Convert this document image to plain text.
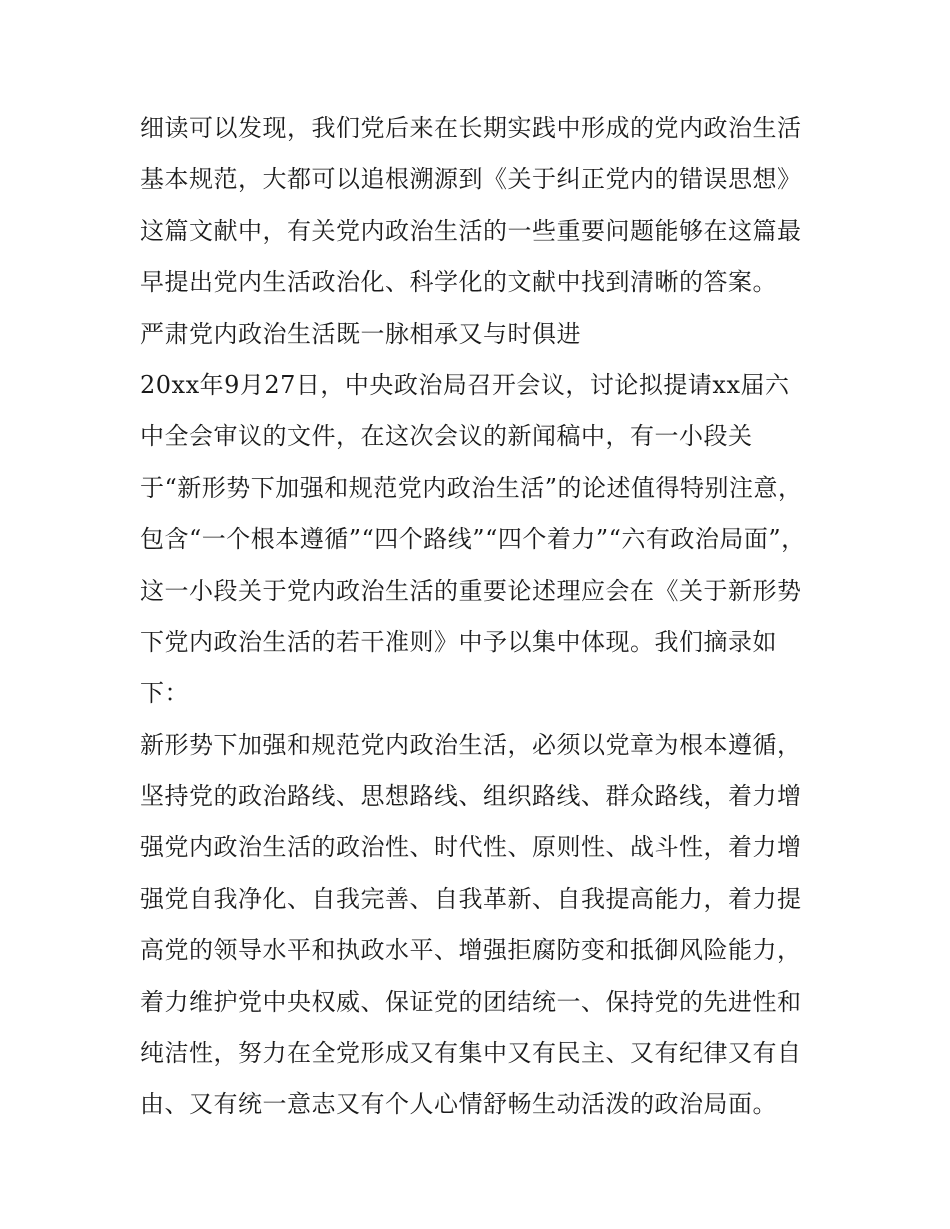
细读可以发现，我们党后来在长期实践中形成的党内政治生活
基本规范，大都可以追根溯源到《关于纠正党内的错误思想》
这篇文献中，有关党内政治生活的一些重要问题能够在这篇最
早提出党内生活政治化、科学化的文献中找到清晰的答案。
严肃党内政治生活既一脉相承又与时俱进
20xx年9月27日，中央政治局召开会议，讨论拟提请xx届六
中全会审议的文件，在这次会议的新闻稿中，有一小段关
于“新形势下加强和规范党内政治生活”的论述值得特别注意，
包含“一个根本遵循”“四个路线”“四个着力”“六有政治局面”，
这一小段关于党内政治生活的重要论述理应会在《关于新形势
下党内政治生活的若干准则》中予以集中体现。我们摘录如
下：
新形势下加强和规范党内政治生活，必须以党章为根本遵循，
坚持党的政治路线、思想路线、组织路线、群众路线，着力增
强党内政治生活的政治性、时代性、原则性、战斗性，着力增
强党自我净化、自我完善、自我革新、自我提高能力，着力提
高党的领导水平和执政水平、增强拒腐防变和抵御风险能力，
着力维护党中央权威、保证党的团结统一、保持党的先进性和
纯洁性，努力在全党形成又有集中又有民主、又有纪律又有自
由、又有统一意志又有个人心情舒畅生动活泼的政治局面。
